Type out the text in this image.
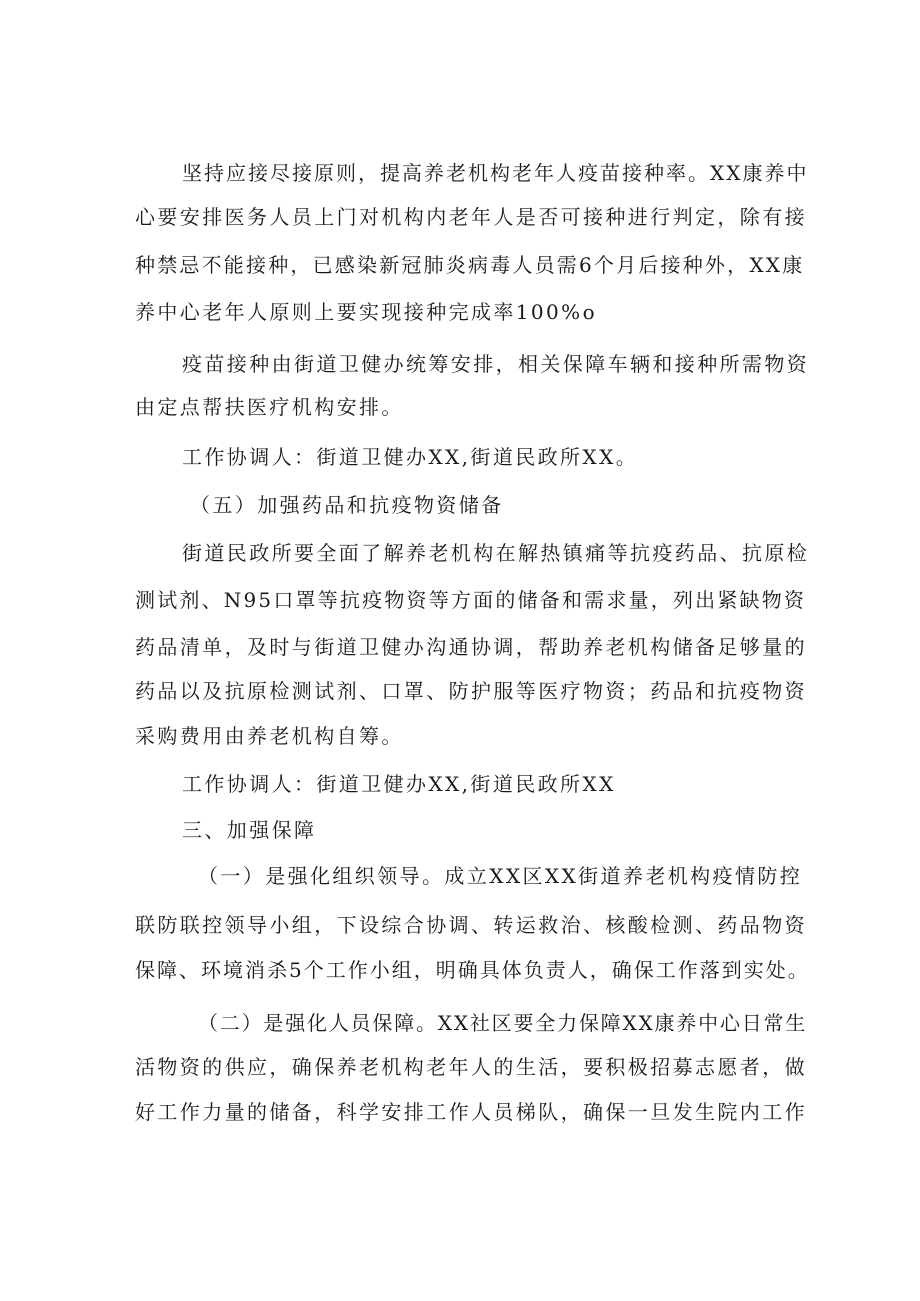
坚持应接尽接原则，提高养老机构老年人疫苗接种率。XX康养中
心要安排医务人员上门对机构内老年人是否可接种进行判定，除有接
种禁忌不能接种，已感染新冠肺炎病毒人员需6个月后接种外，XX康
养中心老年人原则上要实现接种完成率100%o
疫苗接种由街道卫健办统筹安排，相关保障车辆和接种所需物资
由定点帮扶医疗机构安排。
工作协调人：街道卫健办XX,街道民政所XX。
（五）加强药品和抗疫物资储备
街道民政所要全面了解养老机构在解热镇痛等抗疫药品、抗原检
测试剂、N95口罩等抗疫物资等方面的储备和需求量，列出紧缺物资
药品清单，及时与街道卫健办沟通协调，帮助养老机构储备足够量的
药品以及抗原检测试剂、口罩、防护服等医疗物资；药品和抗疫物资
采购费用由养老机构自筹。
工作协调人：街道卫健办XX,街道民政所XX
三、加强保障
（一）是强化组织领导。成立XX区XX街道养老机构疫情防控
联防联控领导小组，下设综合协调、转运救治、核酸检测、药品物资
保障、环境消杀5个工作小组，明确具体负责人，确保工作落到实处。
（二）是强化人员保障。XX社区要全力保障XX康养中心日常生
活物资的供应，确保养老机构老年人的生活，要积极招募志愿者，做
好工作力量的储备，科学安排工作人员梯队，确保一旦发生院内工作
